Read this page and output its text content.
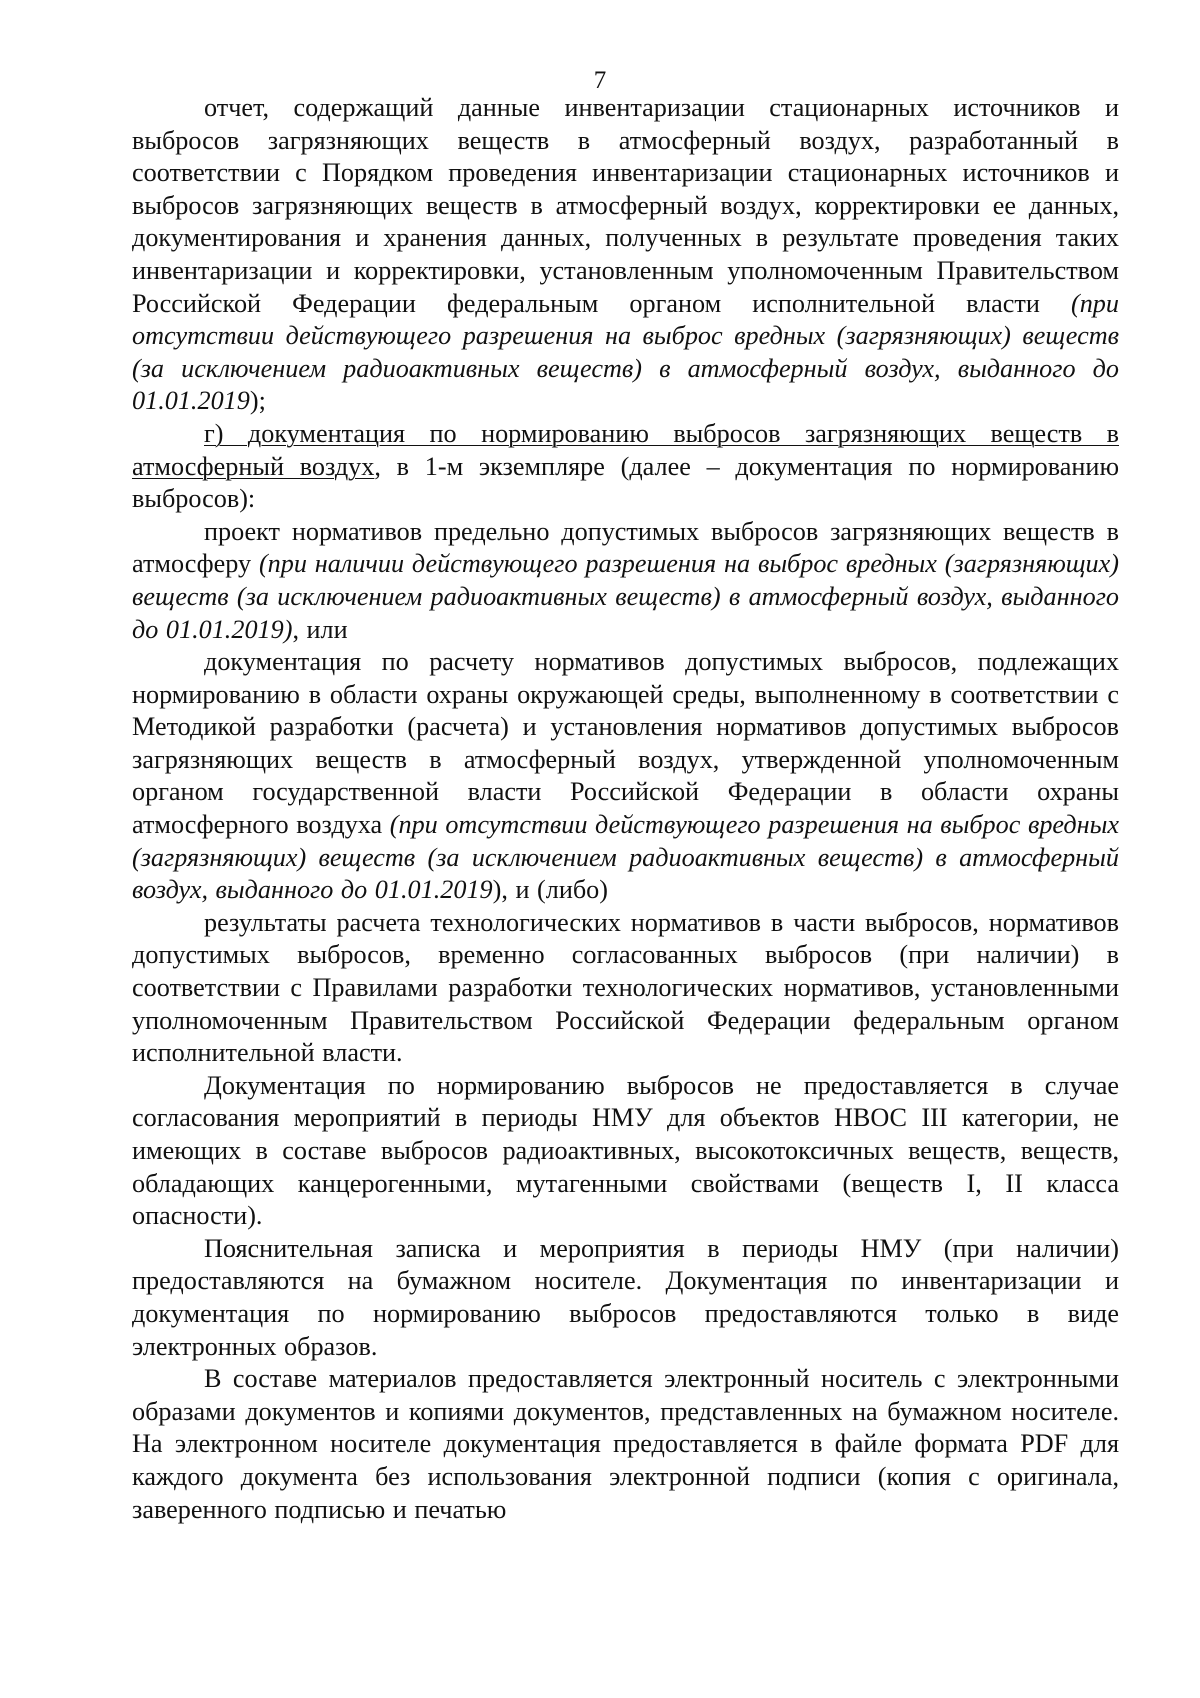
7

отчет, содержащий данные инвентаризации стационарных источников и выбросов загрязняющих веществ в атмосферный воздух, разработанный в соответствии с Порядком проведения инвентаризации стационарных источников и выбросов загрязняющих веществ в атмосферный воздух, корректировки ее данных, документирования и хранения данных, полученных в результате проведения таких инвентаризации и корректировки, установленным уполномоченным Правительством Российской Федерации федеральным органом исполнительной власти (при отсутствии действующего разрешения на выброс вредных (загрязняющих) веществ (за исключением радиоактивных веществ) в атмосферный воздух, выданного до 01.01.2019);

г) документация по нормированию выбросов загрязняющих веществ в атмосферный воздух, в 1-м экземпляре (далее – документация по нормированию выбросов):

проект нормативов предельно допустимых выбросов загрязняющих веществ в атмосферу (при наличии действующего разрешения на выброс вредных (загрязняющих) веществ (за исключением радиоактивных веществ) в атмосферный воздух, выданного до 01.01.2019), или

документация по расчету нормативов допустимых выбросов, подлежащих нормированию в области охраны окружающей среды, выполненному в соответствии с Методикой разработки (расчета) и установления нормативов допустимых выбросов загрязняющих веществ в атмосферный воздух, утвержденной уполномоченным органом государственной власти Российской Федерации в области охраны атмосферного воздуха (при отсутствии действующего разрешения на выброс вредных (загрязняющих) веществ (за исключением радиоактивных веществ) в атмосферный воздух, выданного до 01.01.2019), и (либо)

результаты расчета технологических нормативов в части выбросов, нормативов допустимых выбросов, временно согласованных выбросов (при наличии) в соответствии с Правилами разработки технологических нормативов, установленными уполномоченным Правительством Российской Федерации федеральным органом исполнительной власти.

Документация по нормированию выбросов не предоставляется в случае согласования мероприятий в периоды НМУ для объектов НВОС III категории, не имеющих в составе выбросов радиоактивных, высокотоксичных веществ, веществ, обладающих канцерогенными, мутагенными свойствами (веществ I, II класса опасности).

Пояснительная записка и мероприятия в периоды НМУ (при наличии) предоставляются на бумажном носителе. Документация по инвентаризации и документация по нормированию выбросов предоставляются только в виде электронных образов.

В составе материалов предоставляется электронный носитель с электронными образами документов и копиями документов, представленных на бумажном носителе. На электронном носителе документация предоставляется в файле формата PDF для каждого документа без использования электронной подписи (копия с оригинала, заверенного подписью и печатью
